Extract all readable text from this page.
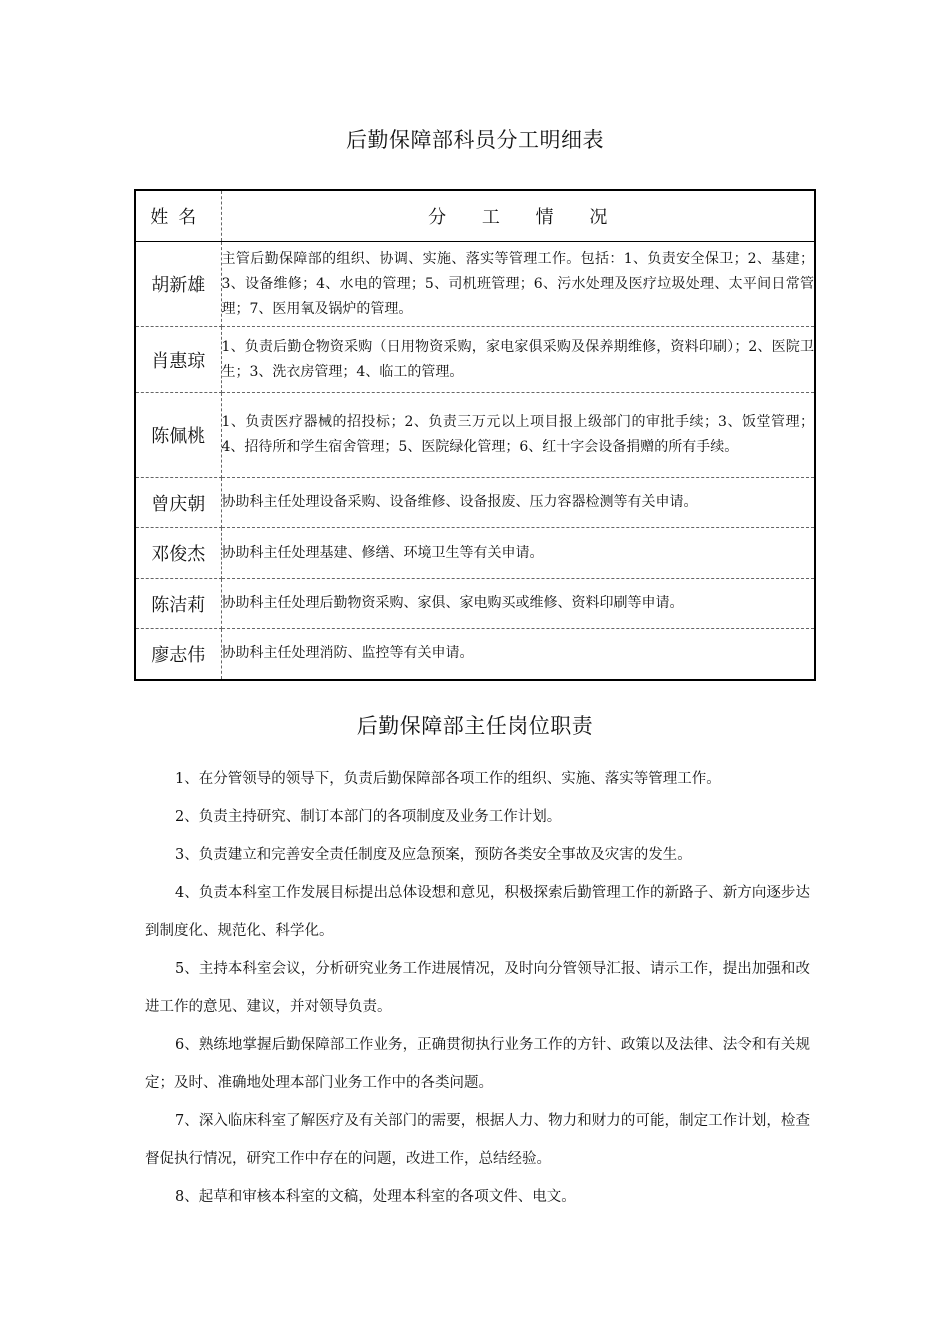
后勤保障部科员分工明细表
姓名	分 工 情 况
胡新雄	主管后勤保障部的组织、协调、实施、落实等管理工作。包括：1、负责安全保卫；2、基建；3、设备维修；4、水电的管理；5、司机班管理；6、污水处理及医疗垃圾处理、太平间日常管理；7、医用氧及锅炉的管理。
肖惠琼	1、负责后勤仓物资采购（日用物资采购，家电家俱采购及保养期维修，资料印刷）；2、医院卫生；3、洗衣房管理；4、临工的管理。
陈佩桃	1、负责医疗器械的招投标；2、负责三万元以上项目报上级部门的审批手续；3、饭堂管理；4、招待所和学生宿舍管理；5、医院绿化管理；6、红十字会设备捐赠的所有手续。
曾庆朝	协助科主任处理设备采购、设备维修、设备报废、压力容器检测等有关申请。
邓俊杰	协助科主任处理基建、修缮、环境卫生等有关申请。
陈洁莉	协助科主任处理后勤物资采购、家俱、家电购买或维修、资料印刷等申请。
廖志伟	协助科主任处理消防、监控等有关申请。
后勤保障部主任岗位职责

1、在分管领导的领导下，负责后勤保障部各项工作的组织、实施、落实等管理工作。

2、负责主持研究、制订本部门的各项制度及业务工作计划。

3、负责建立和完善安全责任制度及应急预案，预防各类安全事故及灾害的发生。

4、负责本科室工作发展目标提出总体设想和意见，积极探索后勤管理工作的新路子、新方向逐步达到制度化、规范化、科学化。

5、主持本科室会议，分析研究业务工作进展情况，及时向分管领导汇报、请示工作，提出加强和改进工作的意见、建议，并对领导负责。

6、熟练地掌握后勤保障部工作业务，正确贯彻执行业务工作的方针、政策以及法律、法令和有关规定；及时、准确地处理本部门业务工作中的各类问题。

7、深入临床科室了解医疗及有关部门的需要，根据人力、物力和财力的可能，制定工作计划，检查督促执行情况，研究工作中存在的问题，改进工作，总结经验。

8、起草和审核本科室的文稿，处理本科室的各项文件、电文。
